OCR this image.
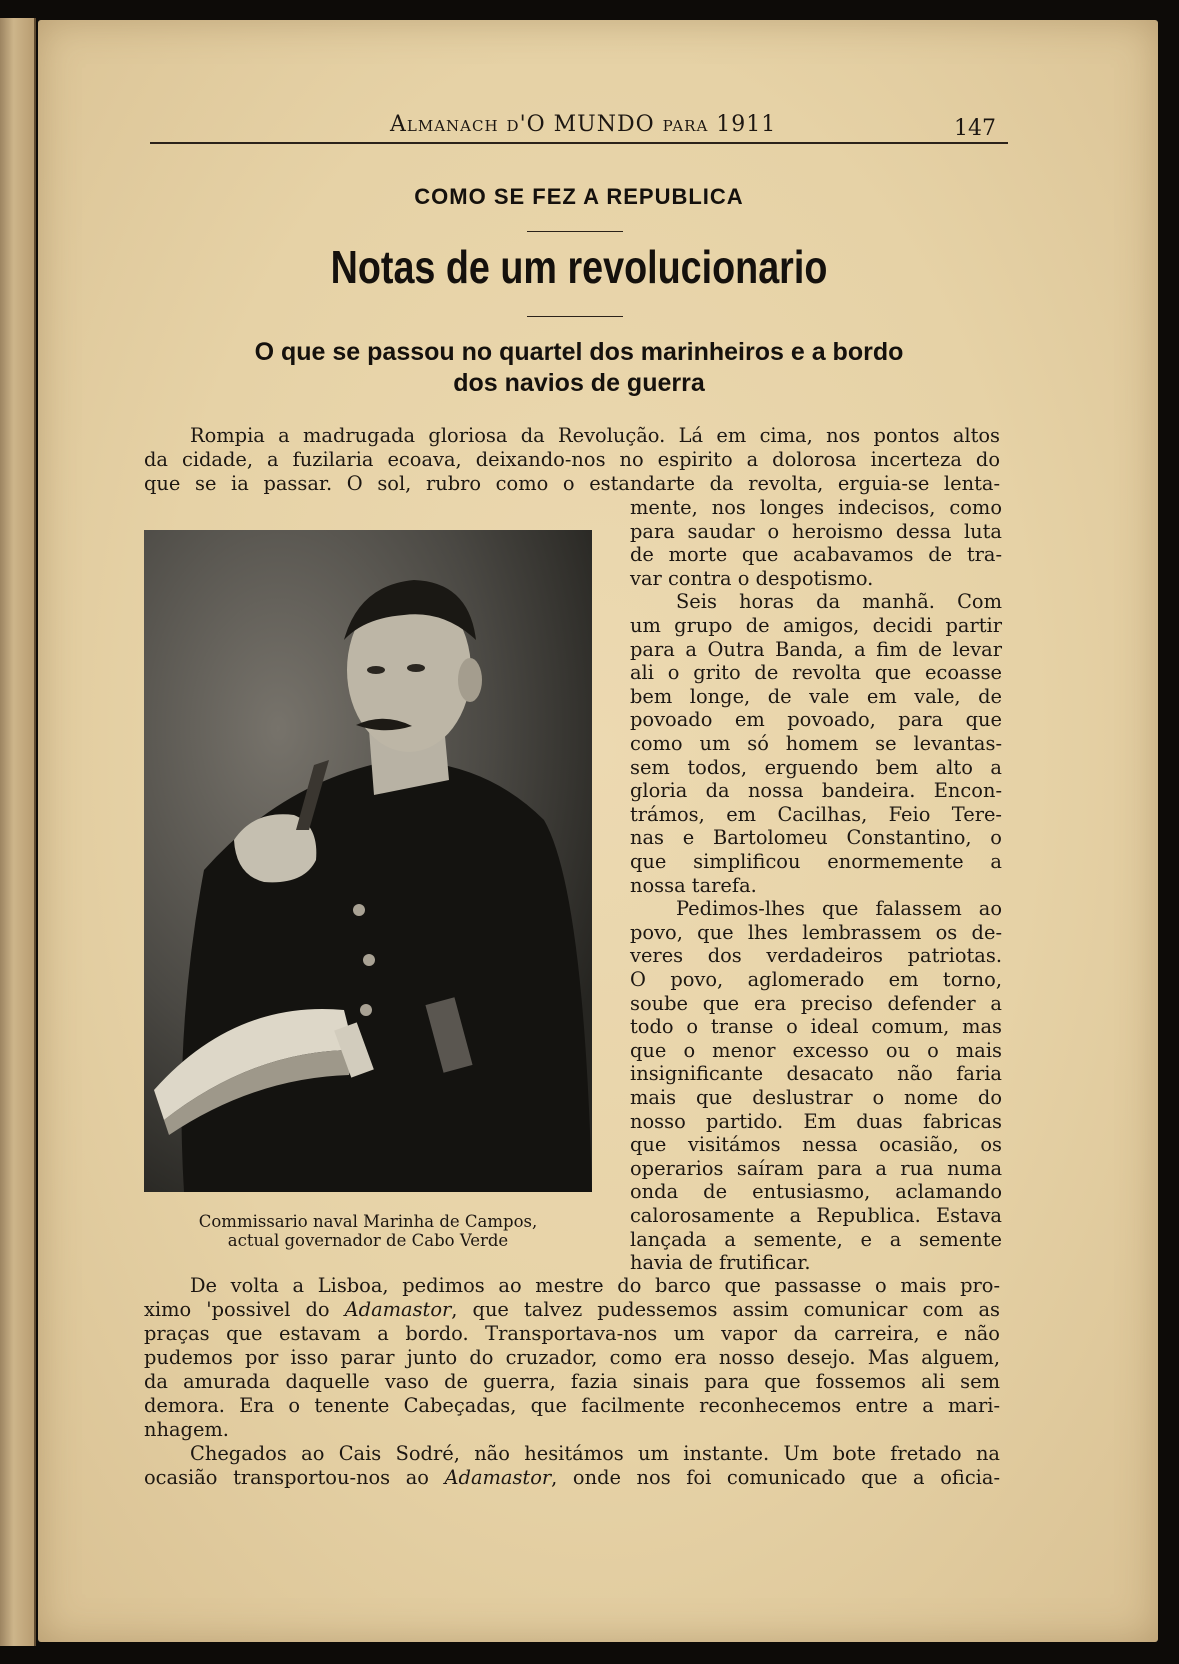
Almanach d'O MUNDO para 1911	147
COMO SE FEZ A REPUBLICA
Notas de um revolucionario
O que se passou no quartel dos marinheiros e a bordo
dos navios de guerra
Rompia a madrugada gloriosa da Revolução. Lá em cima, nos pontos altos
da cidade, a fuzilaria ecoava, deixando-nos no espirito a dolorosa incerteza do
que se ia passar. O sol, rubro como o estandarte da revolta, erguia-se lenta-
Commissario naval Marinha de Campos,
actual governador de Cabo Verde
mente, nos longes indecisos, como
para saudar o heroismo dessa luta
de morte que acabavamos de tra-
var contra o despotismo.
Seis horas da manhã. Com
um grupo de amigos, decidi partir
para a Outra Banda, a fim de levar
ali o grito de revolta que ecoasse
bem longe, de vale em vale, de
povoado em povoado, para que
como um só homem se levantas-
sem todos, erguendo bem alto a
gloria da nossa bandeira. Encon-
trámos, em Cacilhas, Feio Tere-
nas e Bartolomeu Constantino, o
que simplificou enormemente a
nossa tarefa.
Pedimos-lhes que falassem ao
povo, que lhes lembrassem os de-
veres dos verdadeiros patriotas.
O povo, aglomerado em torno,
soube que era preciso defender a
todo o transe o ideal comum, mas
que o menor excesso ou o mais
insignificante desacato não faria
mais que deslustrar o nome do
nosso partido. Em duas fabricas
que visitámos nessa ocasião, os
operarios saíram para a rua numa
onda de entusiasmo, aclamando
calorosamente a Republica. Estava
lançada a semente, e a semente
havia de frutificar.
De volta a Lisboa, pedimos ao mestre do barco que passasse o mais pro-
ximo 'possivel do Adamastor, que talvez pudessemos assim comunicar com as
praças que estavam a bordo. Transportava-nos um vapor da carreira, e não
pudemos por isso parar junto do cruzador, como era nosso desejo. Mas alguem,
da amurada daquelle vaso de guerra, fazia sinais para que fossemos ali sem
demora. Era o tenente Cabeçadas, que facilmente reconhecemos entre a mari-
nhagem.
Chegados ao Cais Sodré, não hesitámos um instante. Um bote fretado na
ocasião transportou-nos ao Adamastor, onde nos foi comunicado que a oficia-
